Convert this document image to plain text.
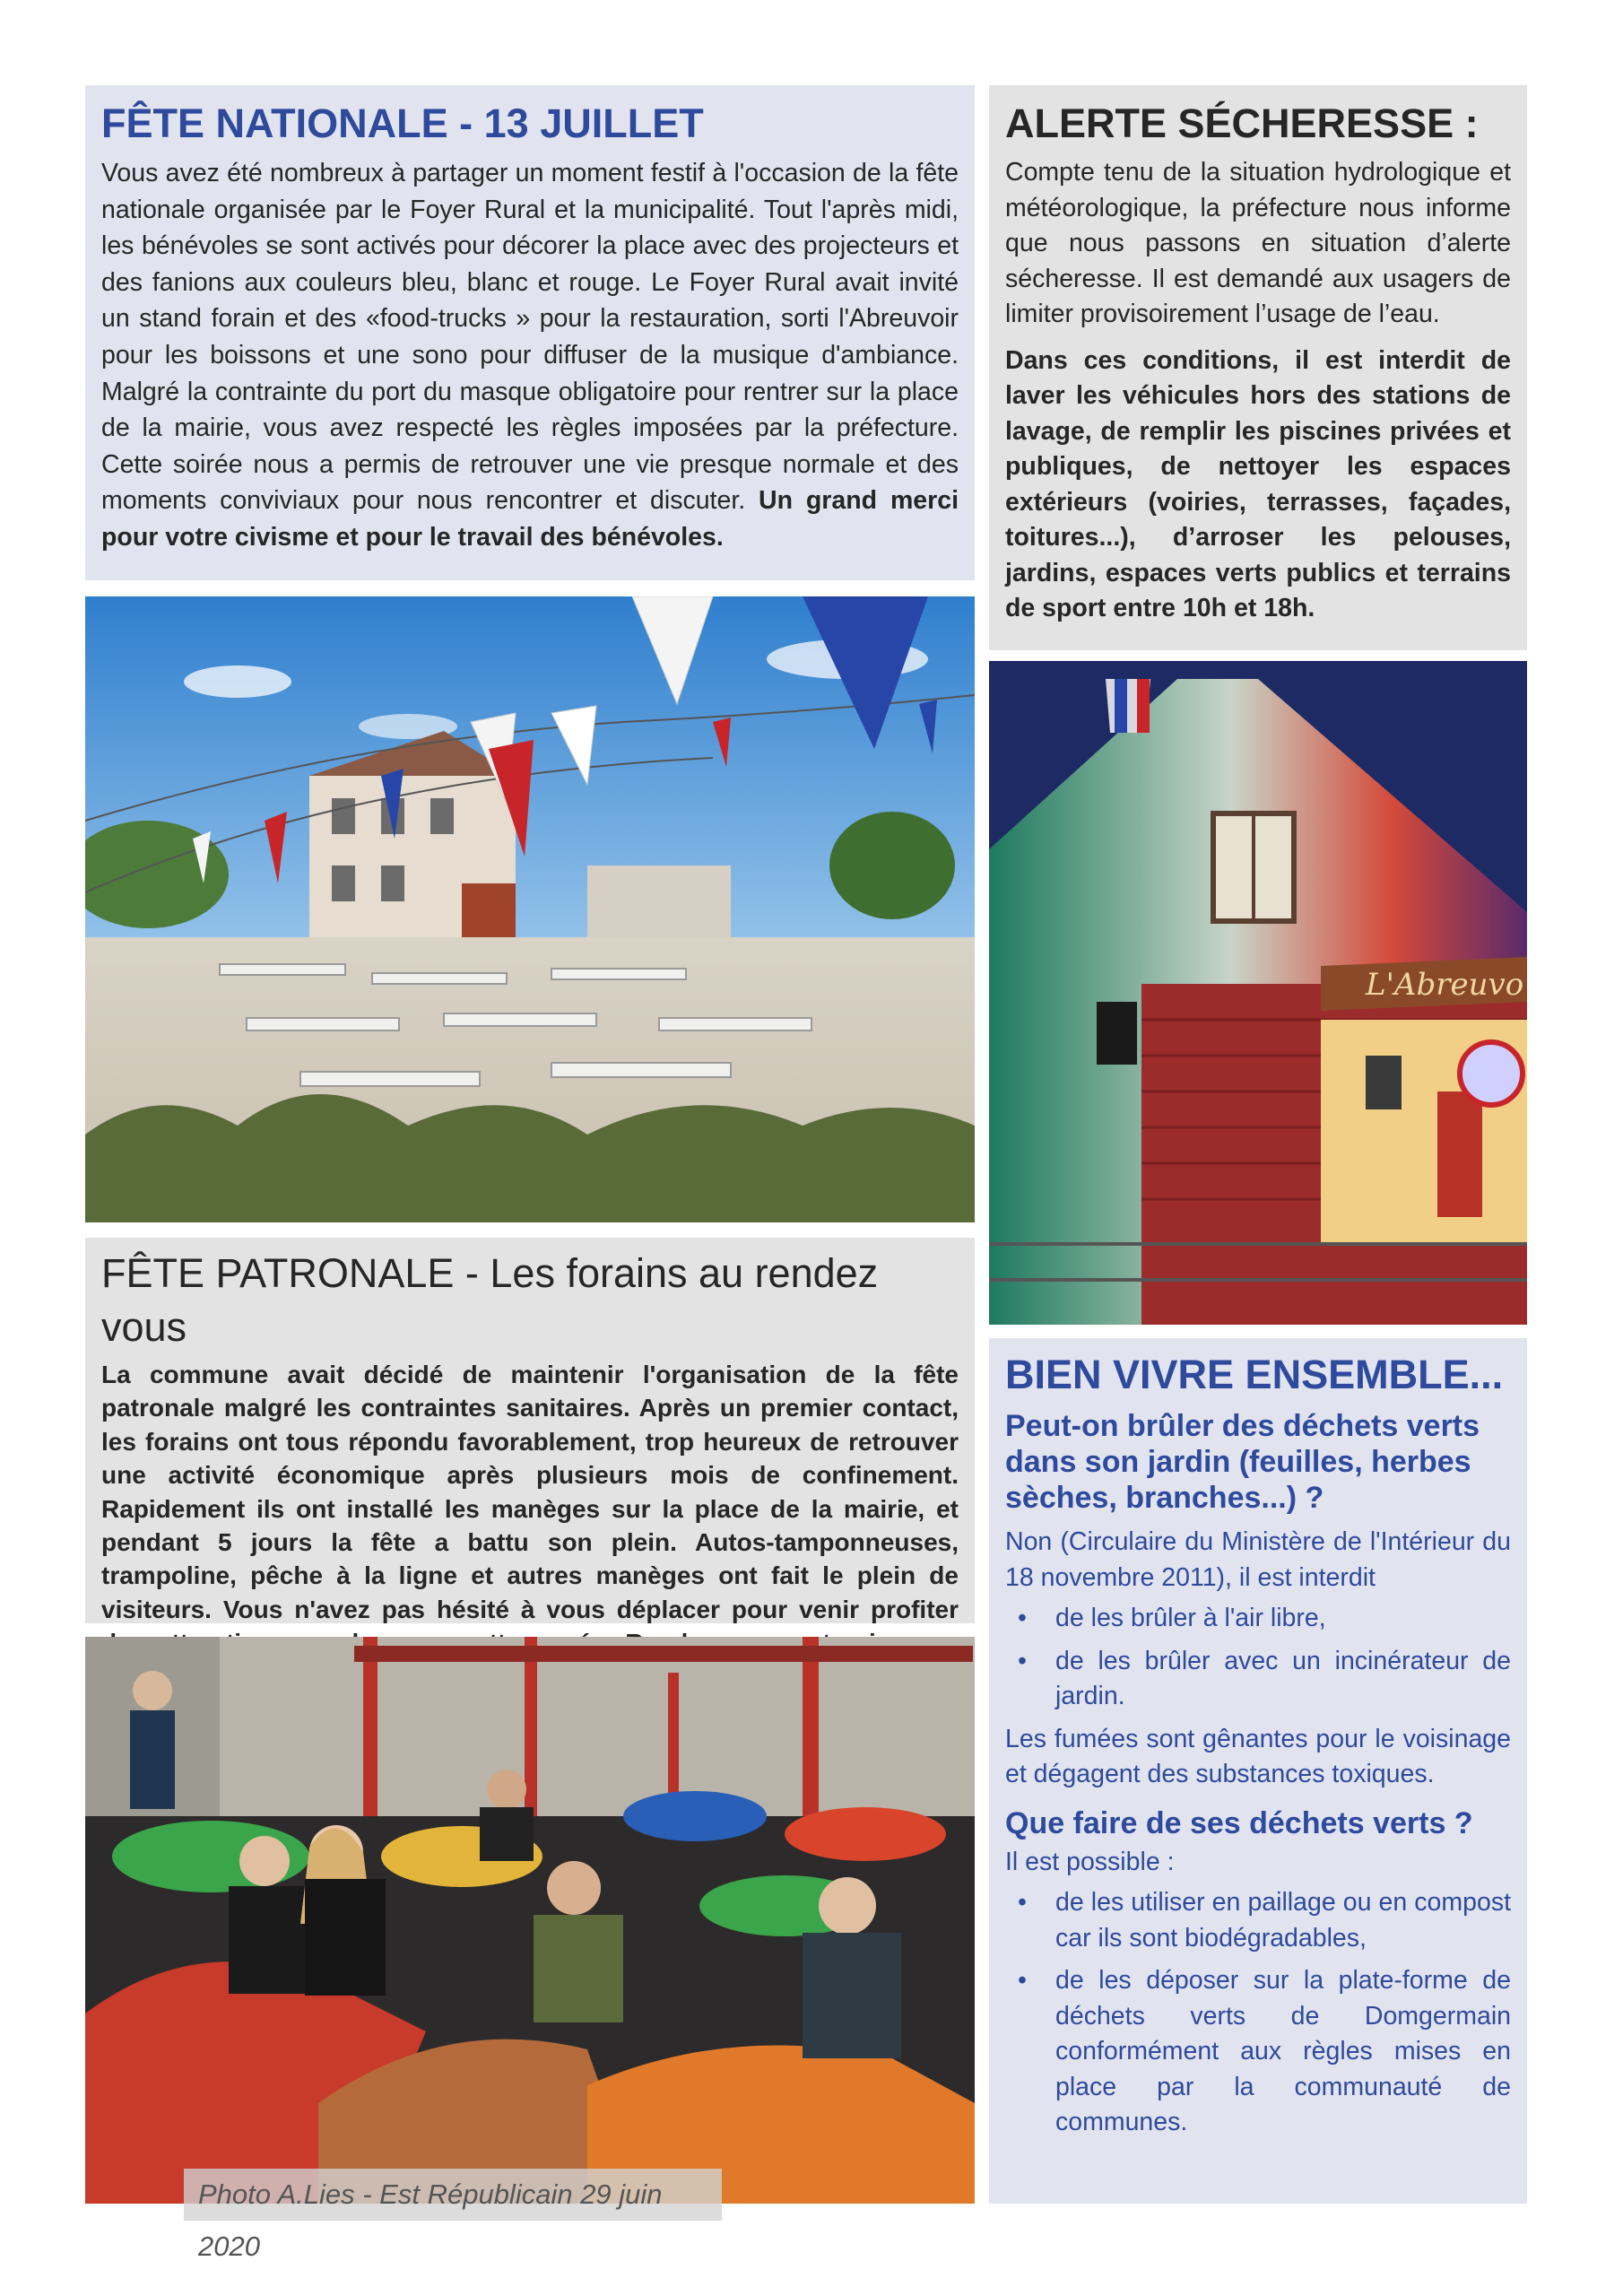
FÊTE NATIONALE - 13 JUILLET

Vous avez été nombreux à partager un moment festif à l'occasion de la fête nationale organisée par le Foyer Rural et la municipalité. Tout l'après midi, les bénévoles se sont activés pour décorer la place avec des projecteurs et des fanions aux couleurs bleu, blanc et rouge. Le Foyer Rural avait invité un stand forain et des «food-trucks » pour la restauration, sorti l'Abreuvoir pour les boissons et une sono pour diffuser de la musique d'ambiance. Malgré la contrainte du port du masque obligatoire pour rentrer sur la place de la mairie, vous avez respecté les règles imposées par la préfecture. Cette soirée nous a permis de retrouver une vie presque normale et des moments conviviaux pour nous rencontrer et discuter. Un grand merci pour votre civisme et pour le travail des bénévoles.

ALERTE SÉCHERESSE :

Compte tenu de la situation hydrologique et météorologique, la préfecture nous informe que nous passons en situation d’alerte sécheresse. Il est demandé aux usagers de limiter provisoirement l’usage de l’eau.

Dans ces conditions, il est interdit de laver les véhicules hors des stations de lavage, de remplir les piscines privées et publiques, de nettoyer les espaces extérieurs (voiries, terrasses, façades, toitures...), d’arroser les pelouses, jardins, espaces verts publics et terrains de sport entre 10h et 18h.

L'Abreuvo
FÊTE PATRONALE - Les forains au rendez vous

La commune avait décidé de maintenir l'organisation de la fête patronale malgré les contraintes sanitaires. Après un premier contact, les forains ont tous répondu favorablement, trop heureux de retrouver une activité économique après plusieurs mois de confinement. Rapidement ils ont installé les manèges sur la place de la mairie, et pendant 5 jours la fête a battu son plein. Autos-tamponneuses, trampoline, pêche à la ligne et autres manèges ont fait le plein de visiteurs. Vous n'avez pas hésité à vous déplacer pour venir profiter

Photo A.Lies - Est Républicain 29 juin 2020
BIEN VIVRE ENSEMBLE...

Peut-on brûler des déchets verts dans son jardin (feuilles, herbes sèches, branches...) ?

Non (Circulaire du Ministère de l'Intérieur du 18 novembre 2011), il est interdit

• de les brûler à l'air libre,
• de les brûler avec un incinérateur de jardin.

Les fumées sont gênantes pour le voisinage et dégagent des substances toxiques.

Que faire de ses déchets verts ?

Il est possible :

• de les utiliser en paillage ou en compost car ils sont biodégradables,
• de les déposer sur la plate-forme de déchets verts de Domgermain conformément aux règles mises en place par la communauté de communes.
